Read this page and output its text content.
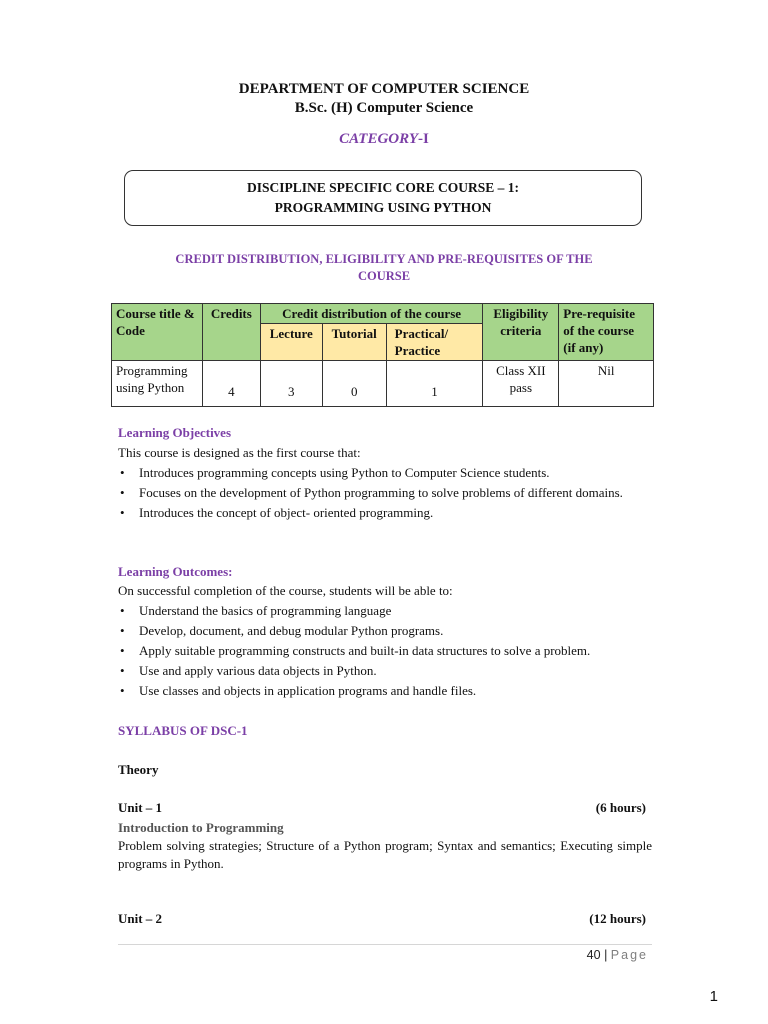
DEPARTMENT OF COMPUTER SCIENCE
B.Sc. (H) Computer Science
CATEGORY-I
DISCIPLINE SPECIFIC CORE COURSE – 1:
PROGRAMMING USING PYTHON
CREDIT DISTRIBUTION, ELIGIBILITY AND PRE-REQUISITES OF THE
COURSE
Course title & Code	Credits	Credit distribution of the course			Eligibility criteria	Pre-requisite of the course (if any)
		Lecture	Tutorial	Practical/ Practice		
Programming using Python	4	3	0	1	Class XII pass	Nil
Learning Objectives
This course is designed as the first course that:
• Introduces programming concepts using Python to Computer Science students.
• Focuses on the development of Python programming to solve problems of different domains.
• Introduces the concept of object- oriented programming.
Learning Outcomes:
On successful completion of the course, students will be able to:
• Understand the basics of programming language
• Develop, document, and debug modular Python programs.
• Apply suitable programming constructs and built-in data structures to solve a problem.
• Use and apply various data objects in Python.
• Use classes and objects in application programs and handle files.
SYLLABUS OF DSC-1
Theory
Unit – 1	(6 hours)
Introduction to Programming
Problem solving strategies; Structure of a Python program; Syntax and semantics; Executing simple programs in Python.
Unit – 2	(12 hours)
40 | Page
1
